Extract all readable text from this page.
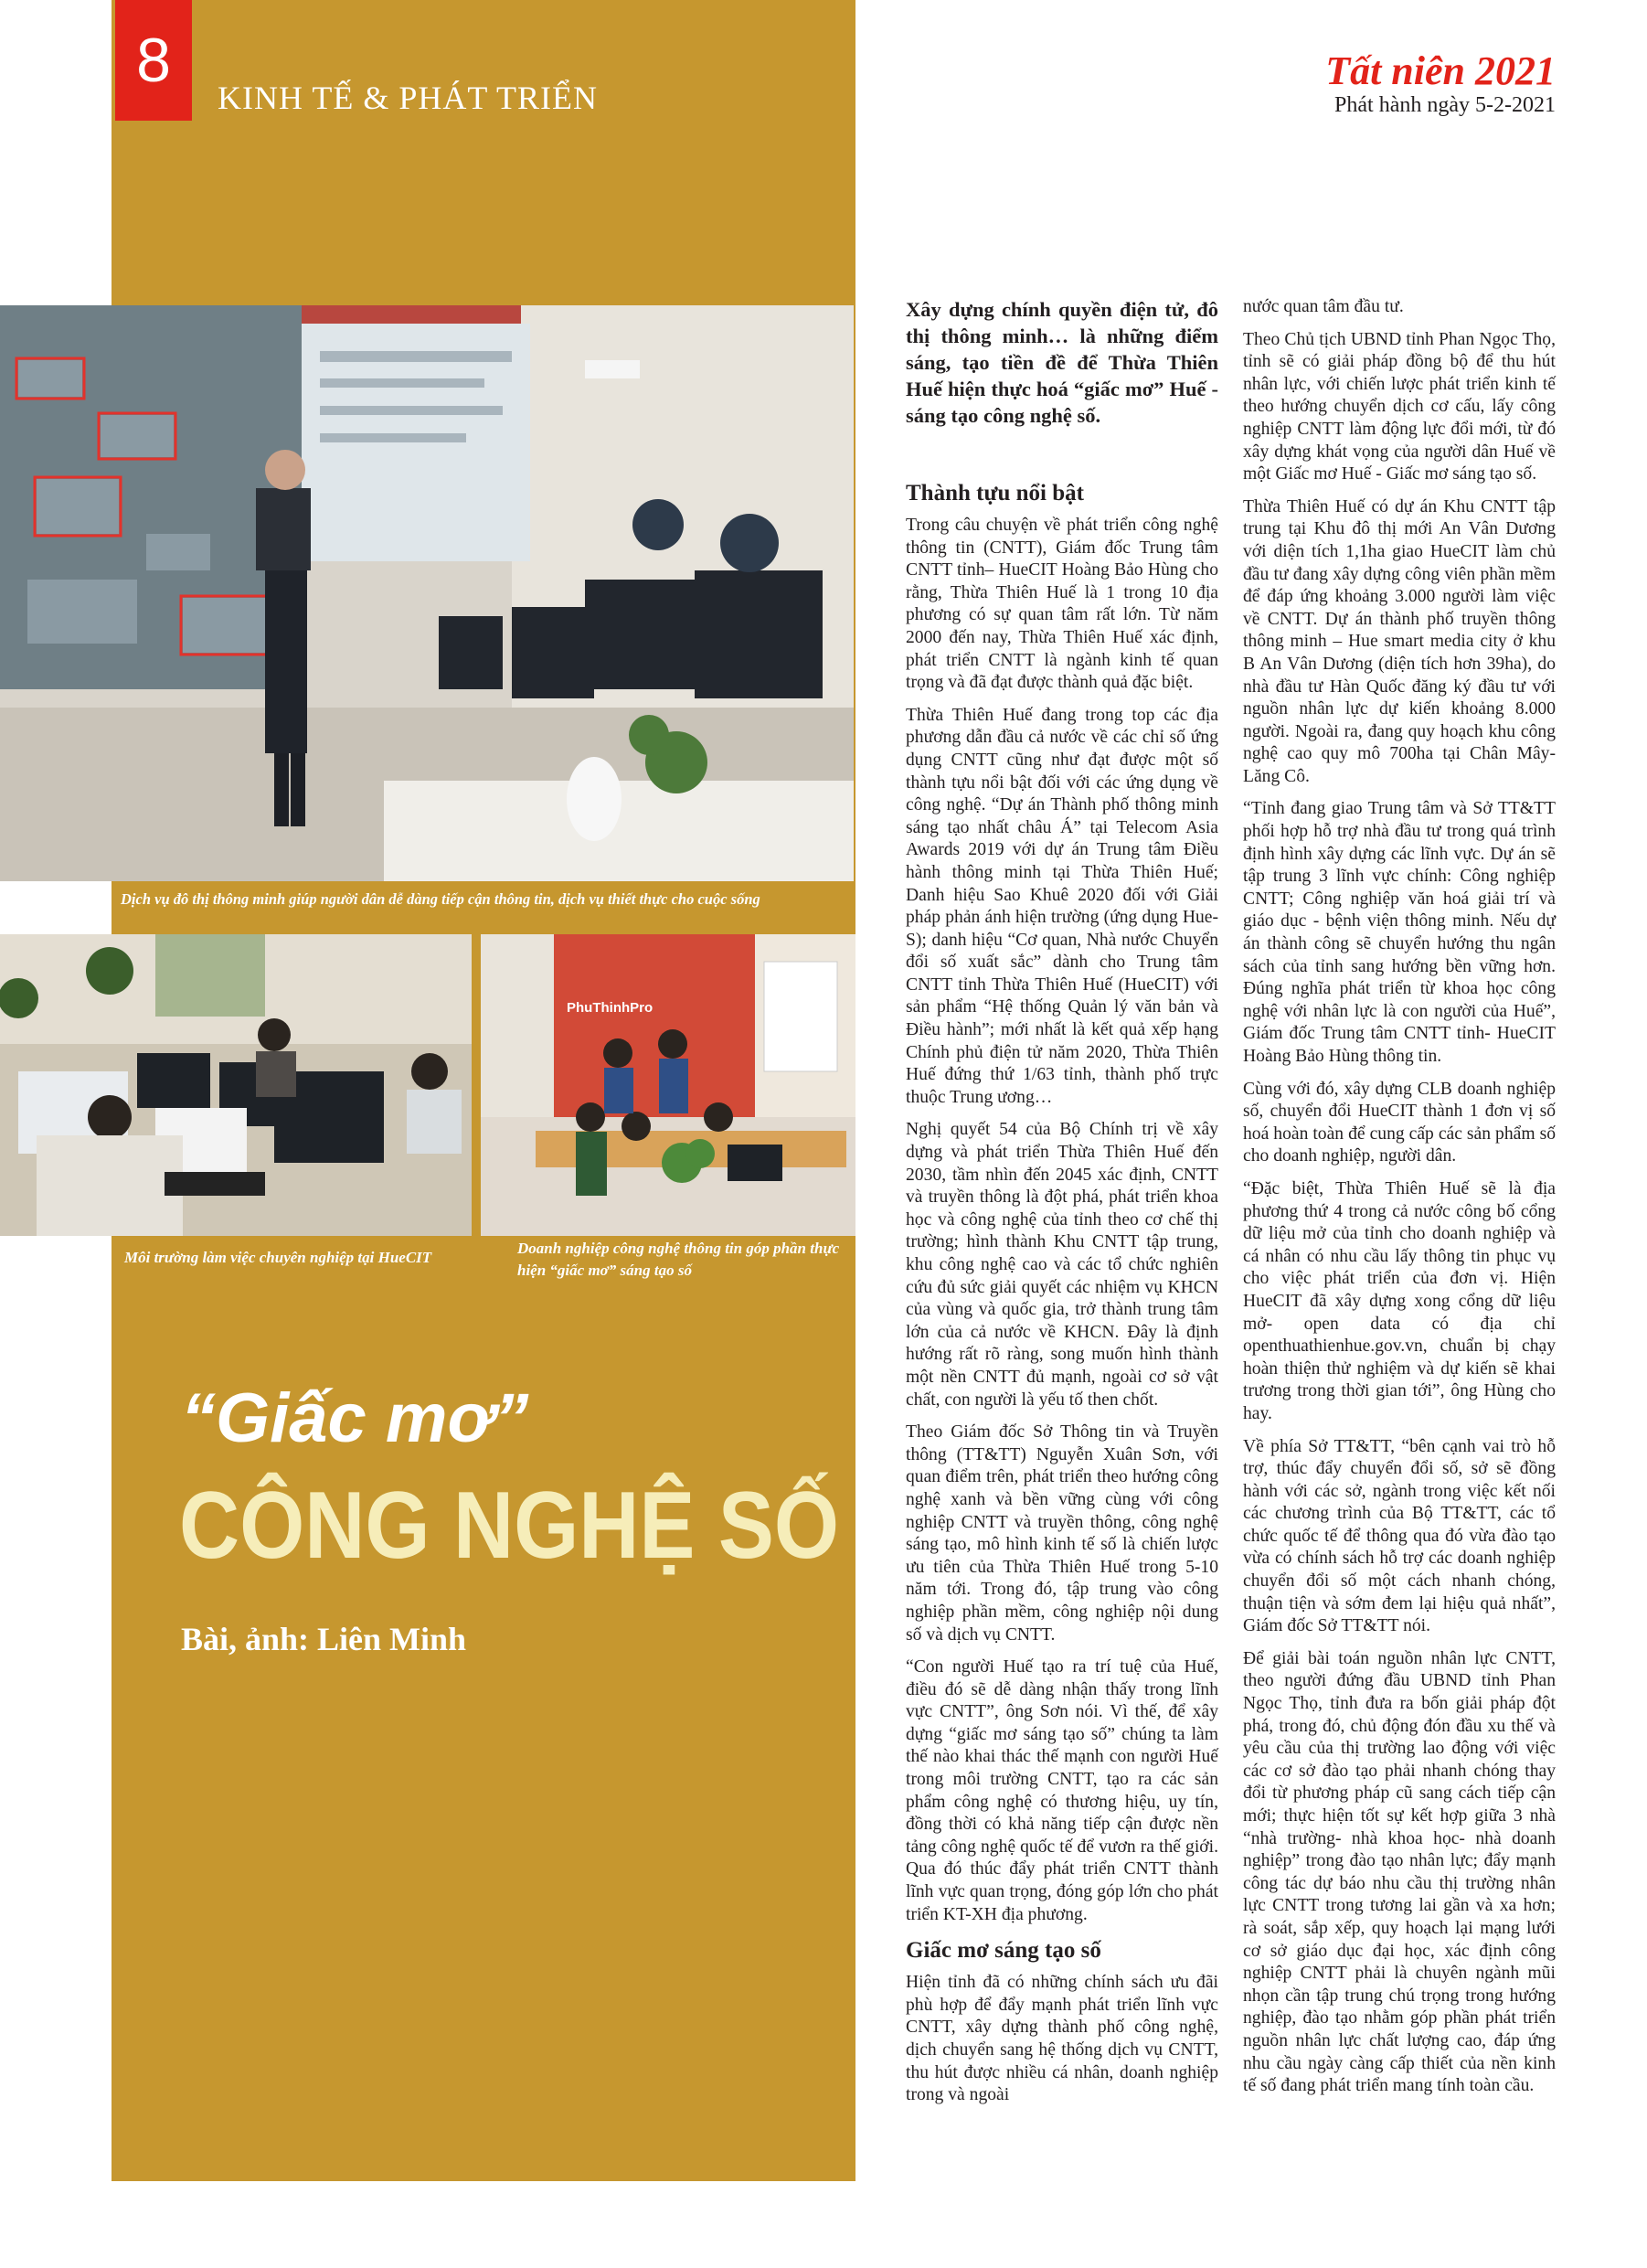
8
KINH TẾ & PHÁT TRIỂN
Tất niên 2021
Phát hành ngày 5-2-2021
Dịch vụ đô thị thông minh giúp người dân dễ dàng tiếp cận thông tin, dịch vụ thiết thực cho cuộc sống
Môi trường làm việc chuyên nghiệp tại HueCIT
PhuThinhPro
Doanh nghiệp công nghệ thông tin góp phần thực hiện “giấc mơ” sáng tạo số
“Giấc mơ”
CÔNG NGHỆ SỐ
Bài, ảnh: Liên Minh

Xây dựng chính quyền điện tử, đô thị thông minh… là những điểm sáng, tạo tiền đề để Thừa Thiên Huế hiện thực hoá “giấc mơ” Huế - sáng tạo công nghệ số.

Thành tựu nổi bật

Trong câu chuyện về phát triển công nghệ thông tin (CNTT), Giám đốc Trung tâm CNTT tỉnh– HueCIT Hoàng Bảo Hùng cho rằng, Thừa Thiên Huế là 1 trong 10 địa phương có sự quan tâm rất lớn. Từ năm 2000 đến nay, Thừa Thiên Huế xác định, phát triển CNTT là ngành kinh tế quan trọng và đã đạt được thành quả đặc biệt.

Thừa Thiên Huế đang trong top các địa phương dẫn đầu cả nước về các chỉ số ứng dụng CNTT cũng như đạt được một số thành tựu nổi bật đối với các ứng dụng về công nghệ. “Dự án Thành phố thông minh sáng tạo nhất châu Á” tại Telecom Asia Awards 2019 với dự án Trung tâm Điều hành thông minh tại Thừa Thiên Huế; Danh hiệu Sao Khuê 2020 đối với Giải pháp phản ánh hiện trường (ứng dụng Hue-S); danh hiệu “Cơ quan, Nhà nước Chuyển đổi số xuất sắc” dành cho Trung tâm CNTT tỉnh Thừa Thiên Huế (HueCIT) với sản phẩm “Hệ thống Quản lý văn bản và Điều hành”; mới nhất là kết quả xếp hạng Chính phủ điện tử năm 2020, Thừa Thiên Huế đứng thứ 1/63 tỉnh, thành phố trực thuộc Trung ương…

Nghị quyết 54 của Bộ Chính trị về xây dựng và phát triển Thừa Thiên Huế đến 2030, tầm nhìn đến 2045 xác định, CNTT và truyền thông là đột phá, phát triển khoa học và công nghệ của tỉnh theo cơ chế thị trường; hình thành Khu CNTT tập trung, khu công nghệ cao và các tổ chức nghiên cứu đủ sức giải quyết các nhiệm vụ KHCN của vùng và quốc gia, trở thành trung tâm lớn của cả nước về KHCN. Đây là định hướng rất rõ ràng, song muốn hình thành một nền CNTT đủ mạnh, ngoài cơ sở vật chất, con người là yếu tố then chốt.

Theo Giám đốc Sở Thông tin và Truyền thông (TT&TT) Nguyễn Xuân Sơn, với quan điểm trên, phát triển theo hướng công nghệ xanh và bền vững cùng với công nghiệp CNTT và truyền thông, công nghệ sáng tạo, mô hình kinh tế số là chiến lược ưu tiên của Thừa Thiên Huế trong 5-10 năm tới. Trong đó, tập trung vào công nghiệp phần mềm, công nghiệp nội dung số và dịch vụ CNTT.

“Con người Huế tạo ra trí tuệ của Huế, điều đó sẽ dễ dàng nhận thấy trong lĩnh vực CNTT”, ông Sơn nói. Vì thế, để xây dựng “giấc mơ sáng tạo số” chúng ta làm thế nào khai thác thế mạnh con người Huế trong môi trường CNTT, tạo ra các sản phẩm công nghệ có thương hiệu, uy tín, đồng thời có khả năng tiếp cận được nền tảng công nghệ quốc tế để vươn ra thế giới. Qua đó thúc đẩy phát triển CNTT thành lĩnh vực quan trọng, đóng góp lớn cho phát triển KT-XH địa phương.

Giấc mơ sáng tạo số

Hiện tỉnh đã có những chính sách ưu đãi phù hợp để đẩy mạnh phát triển lĩnh vực CNTT, xây dựng thành phố công nghệ, dịch chuyển sang hệ thống dịch vụ CNTT, thu hút được nhiều cá nhân, doanh nghiệp trong và ngoài

nước quan tâm đầu tư.

Theo Chủ tịch UBND tỉnh Phan Ngọc Thọ, tỉnh sẽ có giải pháp đồng bộ để thu hút nhân lực, với chiến lược phát triển kinh tế theo hướng chuyển dịch cơ cấu, lấy công nghiệp CNTT làm động lực đổi mới, từ đó xây dựng khát vọng của người dân Huế về một Giấc mơ Huế - Giấc mơ sáng tạo số.

Thừa Thiên Huế có dự án Khu CNTT tập trung tại Khu đô thị mới An Vân Dương với diện tích 1,1ha giao HueCIT làm chủ đầu tư đang xây dựng công viên phần mềm để đáp ứng khoảng 3.000 người làm việc về CNTT. Dự án thành phố truyền thông thông minh – Hue smart media city ở khu B An Vân Dương (diện tích hơn 39ha), do nhà đầu tư Hàn Quốc đăng ký đầu tư với nguồn nhân lực dự kiến khoảng 8.000 người. Ngoài ra, đang quy hoạch khu công nghệ cao quy mô 700ha tại Chân Mây- Lăng Cô.

“Tỉnh đang giao Trung tâm và Sở TT&TT phối hợp hỗ trợ nhà đầu tư trong quá trình định hình xây dựng các lĩnh vực. Dự án sẽ tập trung 3 lĩnh vực chính: Công nghiệp CNTT; Công nghiệp văn hoá giải trí và giáo dục - bệnh viện thông minh. Nếu dự án thành công sẽ chuyển hướng thu ngân sách của tỉnh sang hướng bền vững hơn. Đúng nghĩa phát triển từ khoa học công nghệ với nhân lực là con người của Huế”, Giám đốc Trung tâm CNTT tỉnh- HueCIT Hoàng Bảo Hùng thông tin.

Cùng với đó, xây dựng CLB doanh nghiệp số, chuyển đổi HueCIT thành 1 đơn vị số hoá hoàn toàn để cung cấp các sản phẩm số cho doanh nghiệp, người dân.

“Đặc biệt, Thừa Thiên Huế sẽ là địa phương thứ 4 trong cả nước công bố cổng dữ liệu mở của tỉnh cho doanh nghiệp và cá nhân có nhu cầu lấy thông tin phục vụ cho việc phát triển của đơn vị. Hiện HueCIT đã xây dựng xong cổng dữ liệu mở- open data có địa chỉ openthuathienhue.gov.vn, chuẩn bị chạy hoàn thiện thử nghiệm và dự kiến sẽ khai trương trong thời gian tới”, ông Hùng cho hay.

Về phía Sở TT&TT, “bên cạnh vai trò hỗ trợ, thúc đẩy chuyển đổi số, sở sẽ đồng hành với các sở, ngành trong việc kết nối các chương trình của Bộ TT&TT, các tổ chức quốc tế để thông qua đó vừa đào tạo vừa có chính sách hỗ trợ các doanh nghiệp chuyển đổi số một cách nhanh chóng, thuận tiện và sớm đem lại hiệu quả nhất”, Giám đốc Sở TT&TT nói.

Để giải bài toán nguồn nhân lực CNTT, theo người đứng đầu UBND tỉnh Phan Ngọc Thọ, tỉnh đưa ra bốn giải pháp đột phá, trong đó, chủ động đón đầu xu thế và yêu cầu của thị trường lao động với việc các cơ sở đào tạo phải nhanh chóng thay đổi từ phương pháp cũ sang cách tiếp cận mới; thực hiện tốt sự kết hợp giữa 3 nhà “nhà trường- nhà khoa học- nhà doanh nghiệp” trong đào tạo nhân lực; đẩy mạnh công tác dự báo nhu cầu thị trường nhân lực CNTT trong tương lai gần và xa hơn; rà soát, sắp xếp, quy hoạch lại mạng lưới cơ sở giáo dục đại học, xác định công nghiệp CNTT phải là chuyên ngành mũi nhọn cần tập trung chú trọng trong hướng nghiệp, đào tạo nhằm góp phần phát triển nguồn nhân lực chất lượng cao, đáp ứng nhu cầu ngày càng cấp thiết của nền kinh tế số đang phát triển mang tính toàn cầu.
